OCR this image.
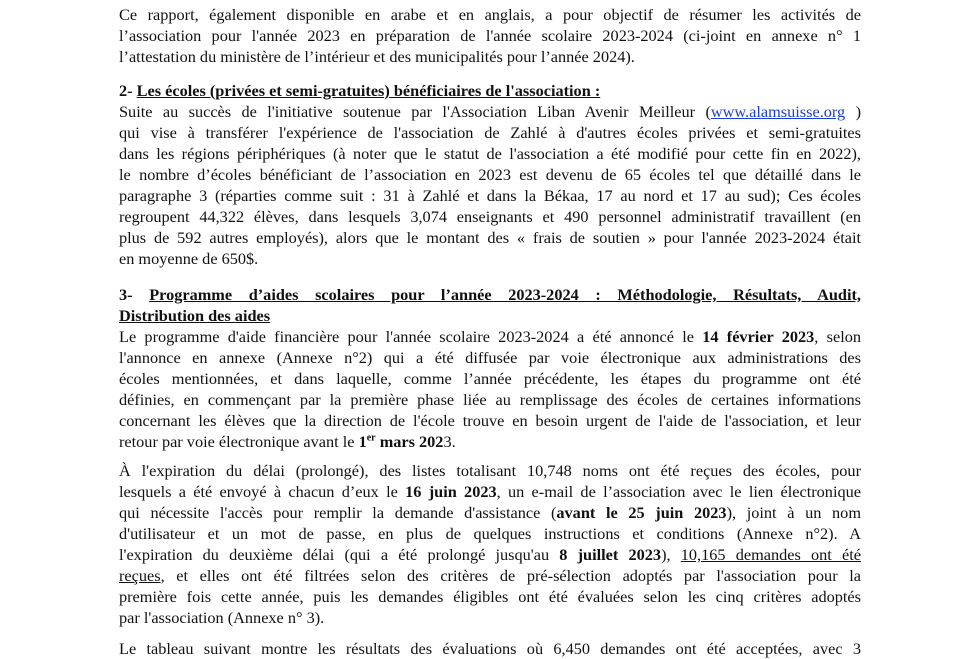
Ce rapport, également disponible en arabe et en anglais, a pour objectif de résumer les activités de
l’association pour l'année 2023 en préparation de l'année scolaire 2023-2024 (ci-joint en annexe n° 1
l’attestation du ministère de l’intérieur et des municipalités pour l’année 2024).
2- Les écoles (privées et semi-gratuites) bénéficiaires de l'association :
Suite au succès de l'initiative soutenue par l'Association Liban Avenir Meilleur (www.alamsuisse.org )
qui vise à transférer l'expérience de l'association de Zahlé à d'autres écoles privées et semi-gratuites
dans les régions périphériques (à noter que le statut de l'association a été modifié pour cette fin en 2022),
le nombre d’écoles bénéficiant de l’association en 2023 est devenu de 65 écoles tel que détaillé dans le
paragraphe 3 (réparties comme suit : 31 à Zahlé et dans la Békaa, 17 au nord et 17 au sud); Ces écoles
regroupent 44,322 élèves, dans lesquels 3,074 enseignants et 490 personnel administratif travaillent (en
plus de 592 autres employés), alors que le montant des « frais de soutien » pour l'année 2023-2024 était
en moyenne de 650$.
3- Programme d’aides scolaires pour l’année 2023-2024 : Méthodologie, Résultats, Audit,
Distribution des aides
Le programme d'aide financière pour l'année scolaire 2023-2024 a été annoncé le 14 février 2023, selon
l'annonce en annexe (Annexe n°2) qui a été diffusée par voie électronique aux administrations des
écoles mentionnées, et dans laquelle, comme l’année précédente, les étapes du programme ont été
définies, en commençant par la première phase liée au remplissage des écoles de certaines informations
concernant les élèves que la direction de l'école trouve en besoin urgent de l'aide de l'association, et leur
retour par voie électronique avant le 1er mars 2023.
À l'expiration du délai (prolongé), des listes totalisant 10,748 noms ont été reçues des écoles, pour
lesquels a été envoyé à chacun d’eux le 16 juin 2023, un e-mail de l’association avec le lien électronique
qui nécessite l'accès pour remplir la demande d'assistance (avant le 25 juin 2023), joint à un nom
d'utilisateur et un mot de passe, en plus de quelques instructions et conditions (Annexe n°2). A
l'expiration du deuxième délai (qui a été prolongé jusqu'au 8 juillet 2023), 10,165 demandes ont été
reçues, et elles ont été filtrées selon des critères de pré-sélection adoptés par l'association pour la
première fois cette année, puis les demandes éligibles ont été évaluées selon les cinq critères adoptés
par l'association (Annexe n° 3).
Le tableau suivant montre les résultats des évaluations où 6,450 demandes ont été acceptées, avec 3
